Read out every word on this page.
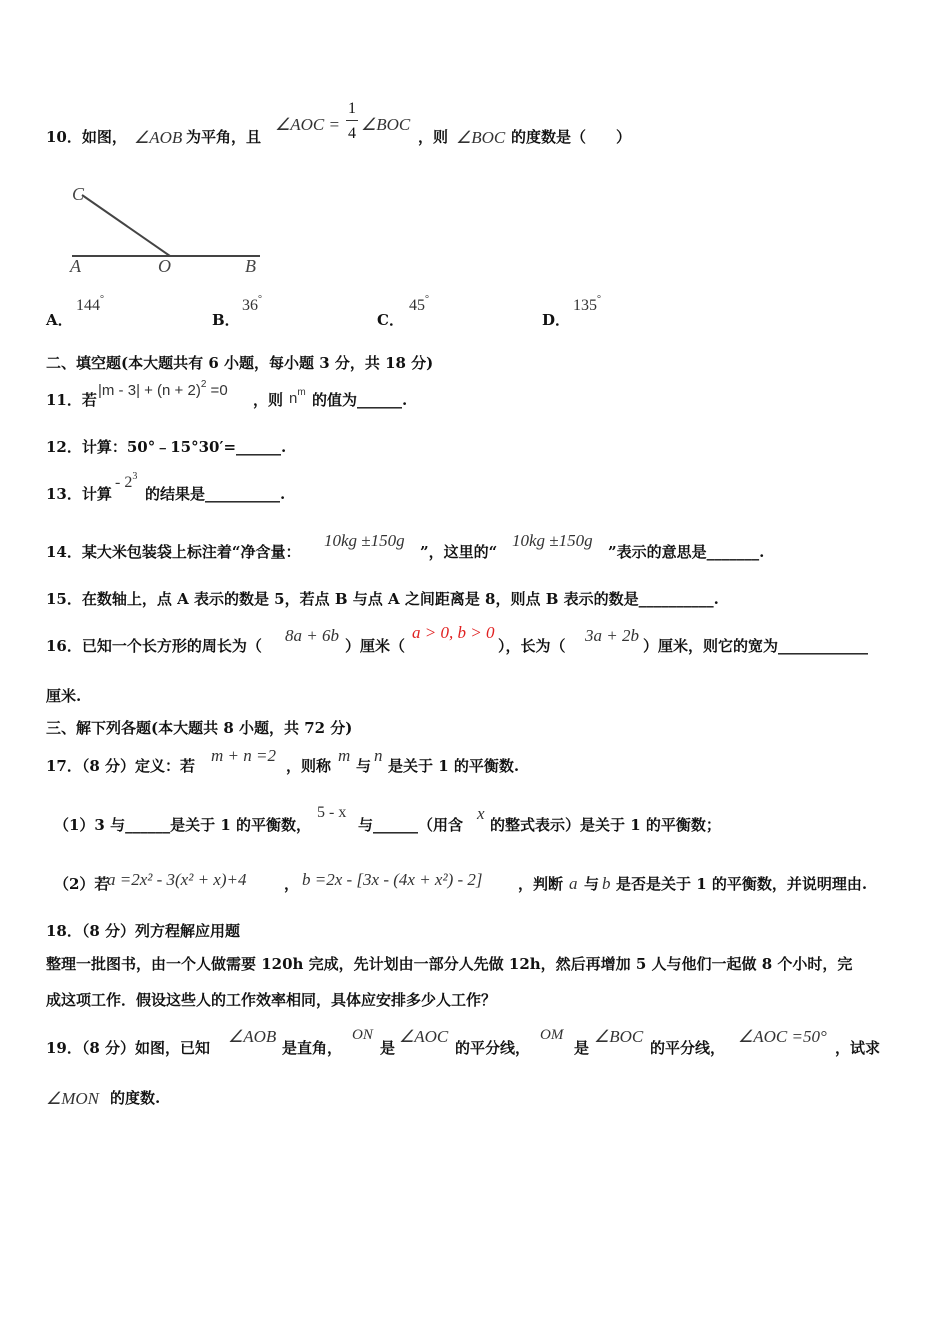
10．如图， ∠AOB 为平角，且
∠AOC =
1
4 ∠BOC
，则 ∠BOC 的度数是（　　）
C
A	O	B
A．
144°
B．
36°
C．
45°
D．
135°
二、填空题(本大题共有 6 小题，每小题 3 分，共 18 分)
11．若
$|m - 3| + (n + 2)^2 =0$
，则 $n^m$ 的值为______.
12．计算：50°﹣15°30′=______.
13．计算
- $2^3$
的结果是__________.
14．某大米包装袋上标注着“净含量：
10kg ±150g
”，这里的“
10kg ±150g
”表示的意思是_______.
15．在数轴上，点 A 表示的数是 5，若点 B 与点 A 之间距离是 8，则点 B 表示的数是__________.
16．已知一个长方形的周长为（
8a + 6b
）厘米（
a > 0, b > 0
），长为（
3a + 2b
）厘米，则它的宽为____________
厘米.
三、解下列各题(本大题共 8 小题，共 72 分)
17．（8 分）定义：若
m + n =2
，则称
m
与
n
是关于 1 的平衡数.
（1）3 与______是关于 1 的平衡数，
5 - x
与______（用含
x
的整式表示）是关于 1 的平衡数；
（2）若
a =2x² - 3(x² + x)+4	， b =2x - [3x - (4x + x²) - 2] ，判断 a 与 b 是否是关于 1 的平衡数，并说明理由.
18．（8 分）列方程解应用题
整理一批图书，由一个人做需要 120h 完成，先计划由一部分人先做 12h，然后再增加 5 人与他们一起做 8 个小时，完
成这项工作．假设这些人的工作效率相同，具体应安排多少人工作？
19．（8 分）如图，已知
∠AOB
是直角，
ON
是
∠AOC
的平分线，
OM
是
∠BOC
的平分线，
∠AOC =50°
，试求
∠MON 的度数.
